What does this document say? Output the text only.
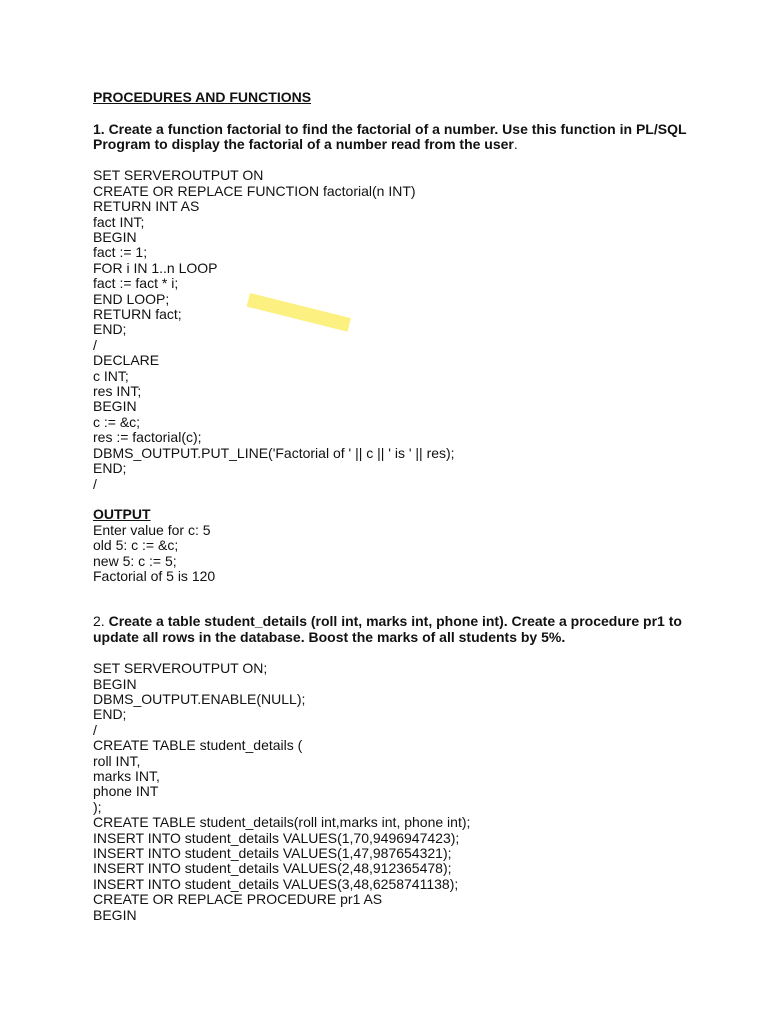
PROCEDURES AND FUNCTIONS

1. Create a function factorial to find the factorial of a number. Use this function in PL/SQL

Program to display the factorial of a number read from the user.

SET SERVEROUTPUT ON

CREATE OR REPLACE FUNCTION factorial(n INT)

RETURN INT AS

fact INT;

BEGIN

fact := 1;

FOR i IN 1..n LOOP

fact := fact * i;

END LOOP;

RETURN fact;

END;

/

DECLARE

c INT;

res INT;

BEGIN

c := &c;

res := factorial(c);

DBMS_OUTPUT.PUT_LINE('Factorial of ' || c || ' is ' || res);

END;

/

OUTPUT

Enter value for c: 5

old 5: c := &c;

new 5: c := 5;

Factorial of 5 is 120

2. Create a table student_details (roll int, marks int, phone int). Create a procedure pr1 to

update all rows in the database. Boost the marks of all students by 5%.

SET SERVEROUTPUT ON;

BEGIN

DBMS_OUTPUT.ENABLE(NULL);

END;

/

CREATE TABLE student_details (

roll INT,

marks INT,

phone INT

);

CREATE TABLE student_details(roll int,marks int, phone int);

INSERT INTO student_details VALUES(1,70,9496947423);

INSERT INTO student_details VALUES(1,47,987654321);

INSERT INTO student_details VALUES(2,48,912365478);

INSERT INTO student_details VALUES(3,48,6258741138);

CREATE OR REPLACE PROCEDURE pr1 AS

BEGIN
